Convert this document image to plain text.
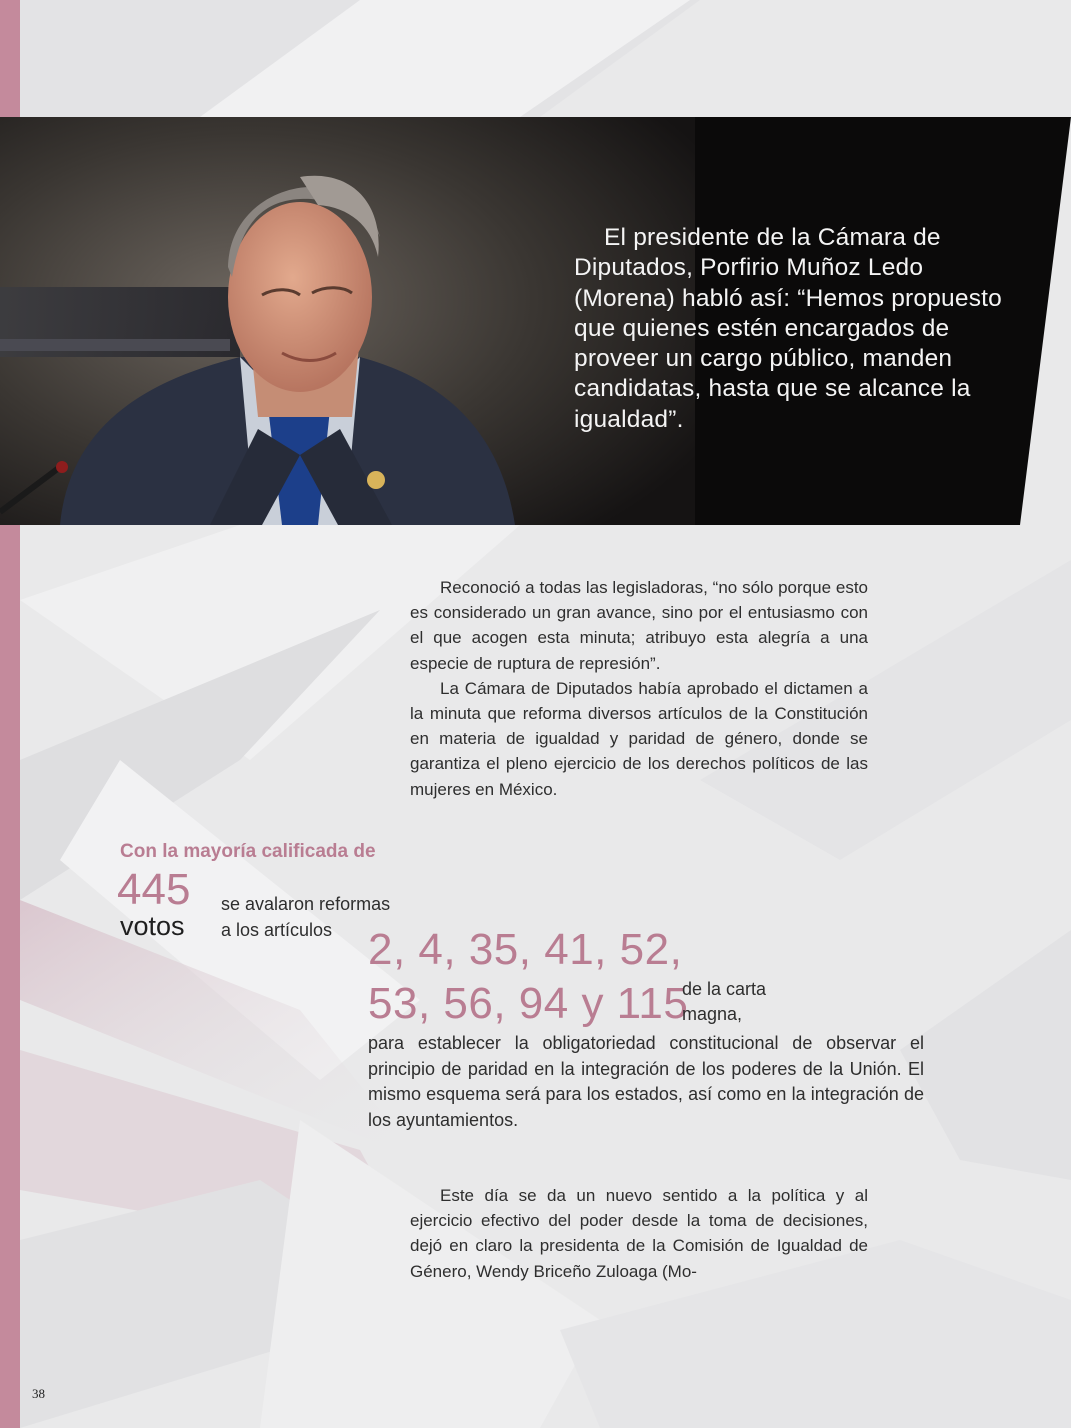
El presidente de la Cámara de Diputados, Porfirio Muñoz Ledo (Morena) habló así: “Hemos propuesto que quienes estén encargados de proveer un cargo público, manden candidatas, hasta que se alcance la igualdad”.

Reconoció a todas las legisladoras, “no sólo porque esto es considerado un gran avance, sino por el entusiasmo con el que acogen esta minuta; atribuyo esta alegría a una especie de ruptura de represión”.

La Cámara de Diputados había aprobado el dictamen a la minuta que reforma diversos artículos de la Constitución en materia de igualdad y paridad de género, donde se garantiza el pleno ejercicio de los derechos políticos de las mujeres en México.

Con la mayoría calificada de
445
votos
se avalaron reformas
a los artículos 2, 4, 35, 41, 52,
53, 56, 94 y 115
de la carta
magna,

para establecer la obligatoriedad constitucional de observar el principio de paridad en la integración de los poderes de la Unión. El mismo esquema será para los estados, así como en la integración de los ayuntamientos.

Este día se da un nuevo sentido a la política y al ejercicio efectivo del poder desde la toma de decisiones, dejó en claro la presidenta de la Comisión de Igualdad de Género, Wendy Briceño Zuloaga (Mo-

38
